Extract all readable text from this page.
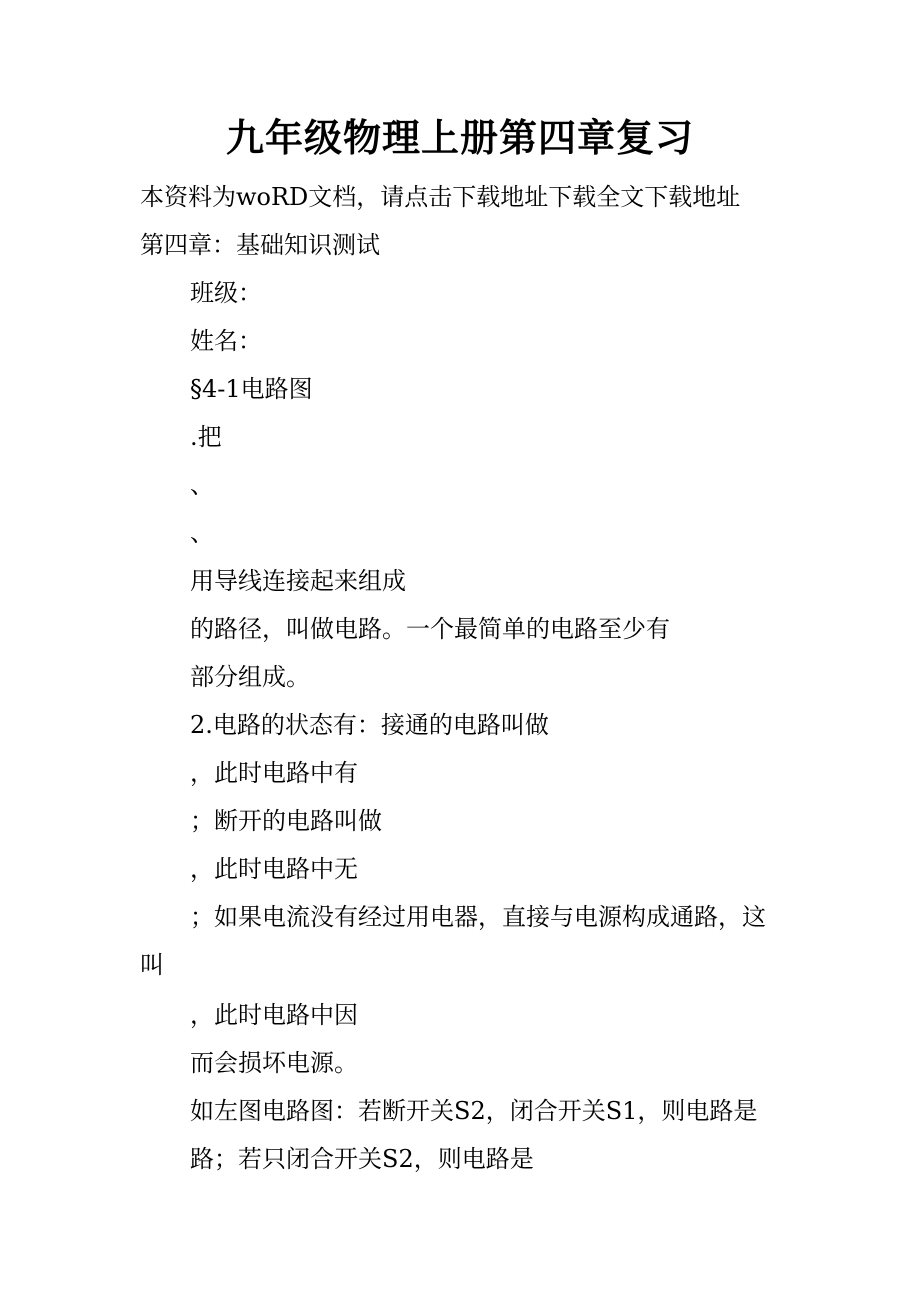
九年级物理上册第四章复习
本资料为woRD文档，请点击下载地址下载全文下载地址
第四章：基础知识测试
班级：
姓名：
§4-1电路图
.把
、
、
用导线连接起来组成
的路径，叫做电路。一个最简单的电路至少有
部分组成。
2.电路的状态有：接通的电路叫做
，此时电路中有
；断开的电路叫做
，此时电路中无
；如果电流没有经过用电器，直接与电源构成通路，这
叫
，此时电路中因
而会损坏电源。
如左图电路图：若断开关S2，闭合开关S1，则电路是
路；若只闭合开关S2，则电路是
